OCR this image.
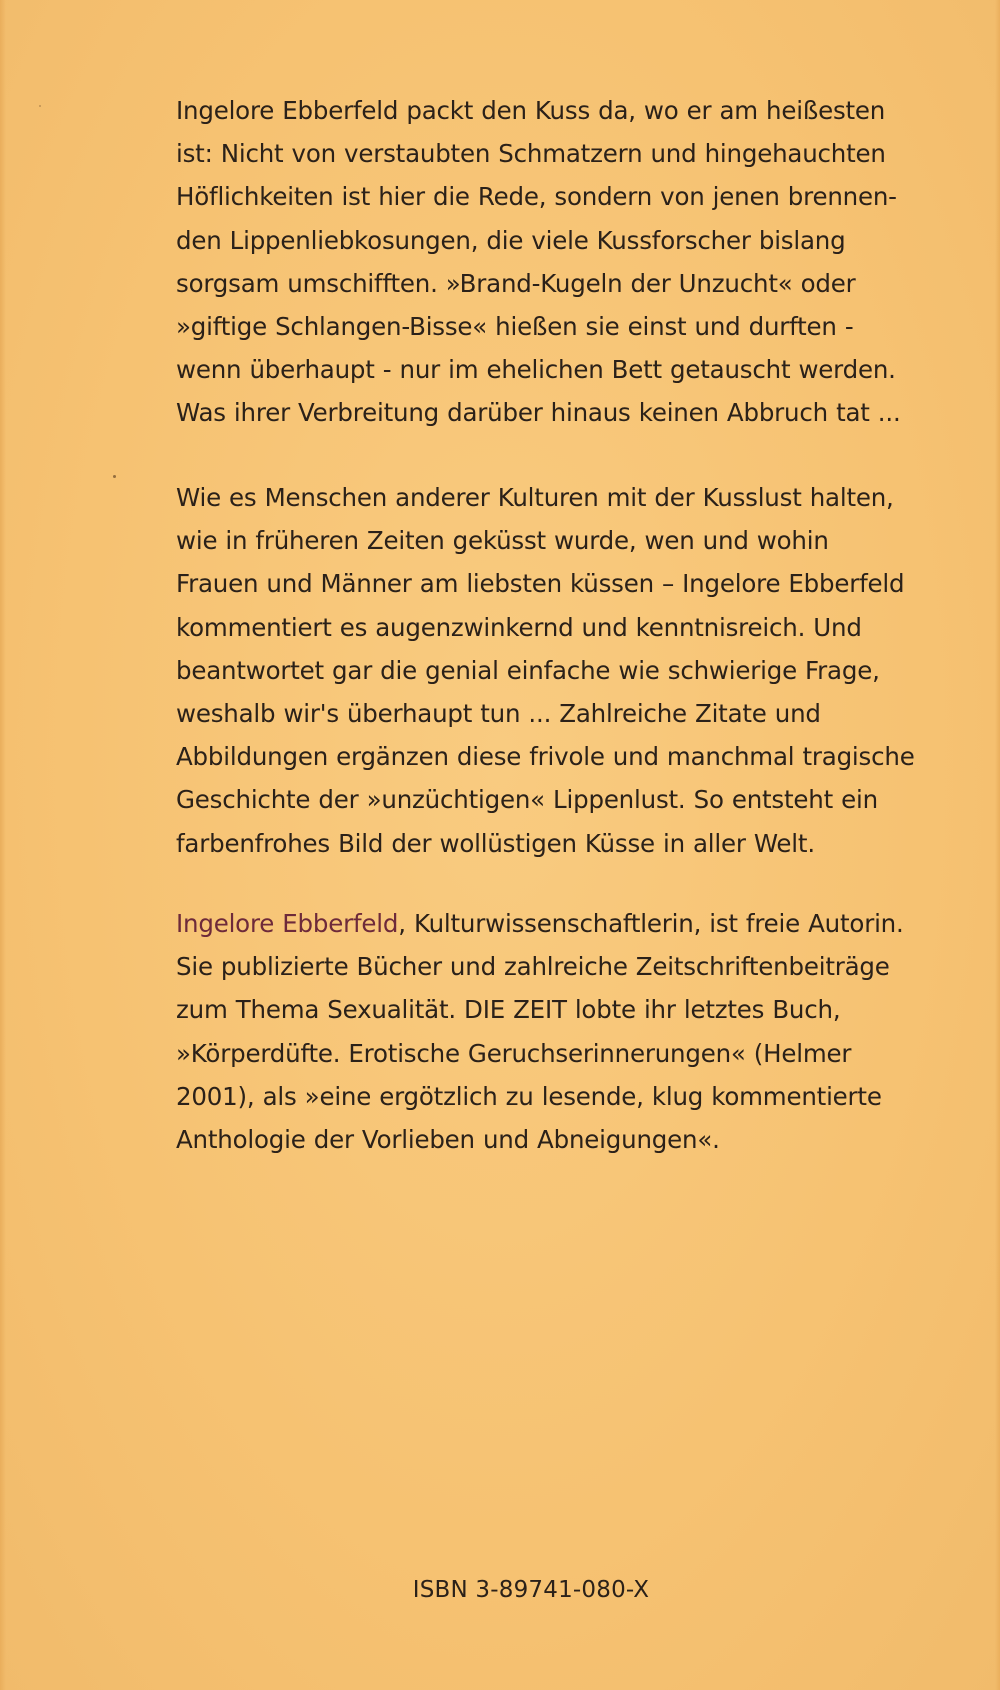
Ingelore Ebberfeld packt den Kuss da, wo er am heißesten
ist: Nicht von verstaubten Schmatzern und hingehauchten
Höflichkeiten ist hier die Rede, sondern von jenen brennen-
den Lippenliebkosungen, die viele Kussforscher bislang
sorgsam umschifften. »Brand-Kugeln der Unzucht« oder
»giftige Schlangen-Bisse« hießen sie einst und durften -
wenn überhaupt - nur im ehelichen Bett getauscht werden.
Was ihrer Verbreitung darüber hinaus keinen Abbruch tat ...

Wie es Menschen anderer Kulturen mit der Kusslust halten,
wie in früheren Zeiten geküsst wurde, wen und wohin
Frauen und Männer am liebsten küssen – Ingelore Ebberfeld
kommentiert es augenzwinkernd und kenntnisreich. Und
beantwortet gar die genial einfache wie schwierige Frage,
weshalb wir's überhaupt tun ... Zahlreiche Zitate und
Abbildungen ergänzen diese frivole und manchmal tragische
Geschichte der »unzüchtigen« Lippenlust. So entsteht ein
farbenfrohes Bild der wollüstigen Küsse in aller Welt.

Ingelore Ebberfeld, Kulturwissenschaftlerin, ist freie Autorin.
Sie publizierte Bücher und zahlreiche Zeitschriftenbeiträge
zum Thema Sexualität. DIE ZEIT lobte ihr letztes Buch,
»Körperdüfte. Erotische Geruchserinnerungen« (Helmer
2001), als »eine ergötzlich zu lesende, klug kommentierte
Anthologie der Vorlieben und Abneigungen«.

ISBN 3-89741-080-X
